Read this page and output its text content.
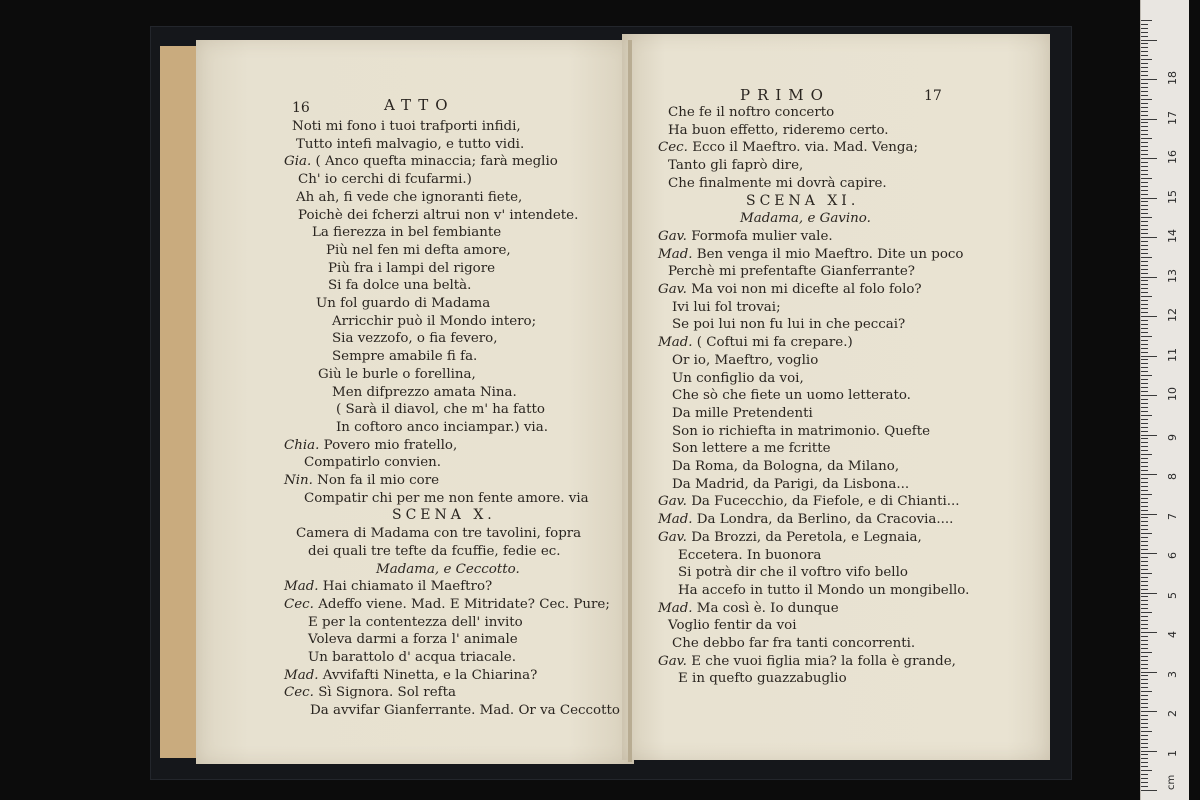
16	ATTO
Noti mi fono i tuoi trafporti infidi,
Tutto intefi malvagio, e tutto vidi.
Gia. ( Anco quefta minaccia; farà meglio
Ch' io cerchi di fcufarmi.)
Ah ah, fi vede che ignoranti fiete,
Poichè dei fcherzi altrui non v' intendete.
La fierezza in bel fembiante
Più nel fen mi defta amore,
Più fra i lampi del rigore
Si fa dolce una beltà.
Un fol guardo di Madama
Arricchir può il Mondo intero;
Sia vezzofo, o fia fevero,
Sempre amabile fi fa.
Giù le burle o forellina,
Men difprezzo amata Nina.
( Sarà il diavol, che m' ha fatto
In coftoro anco inciampar.) via.
Chia. Povero mio fratello,
Compatirlo convien.
Nin. Non fa il mio core
Compatir chi per me non fente amore. via
SCENA X.
Camera di Madama con tre tavolini, fopra
dei quali tre tefte da fcuffie, fedie ec.
Madama, e Ceccotto.
Mad. Hai chiamato il Maeftro?
Cec. Adeffo viene. Mad. E Mitridate? Cec. Pure;
E per la contentezza dell' invito
Voleva darmi a forza l' animale
Un barattolo d' acqua triacale.
Mad. Avvifafti Ninetta, e la Chiarina?
Cec. Sì Signora. Sol refta
Da avvifar Gianferrante. Mad. Or va Ceccotto
PRIMO	17
Che fe il noftro concerto
Ha buon effetto, rideremo certo.
Cec. Ecco il Maeftro. via. Mad. Venga;
Tanto gli faprò dire,
Che finalmente mi dovrà capire.
SCENA XI.
Madama, e Gavino.
Gav. Formofa mulier vale.
Mad. Ben venga il mio Maeftro. Dite un poco
Perchè mi prefentafte Gianferrante?
Gav. Ma voi non mi dicefte al folo folo?
Ivi lui fol trovai;
Se poi lui non fu lui in che peccai?
Mad. ( Coftui mi fa crepare.)
Or io, Maeftro, voglio
Un configlio da voi,
Che sò che fiete un uomo letterato.
Da mille Pretendenti
Son io richiefta in matrimonio. Quefte
Son lettere a me fcritte
Da Roma, da Bologna, da Milano,
Da Madrid, da Parigi, da Lisbona...
Gav. Da Fucecchio, da Fiefole, e di Chianti...
Mad. Da Londra, da Berlino, da Cracovia....
Gav. Da Brozzi, da Peretola, e Legnaia,
Eccetera. In buonora
Si potrà dir che il voftro vifo bello
Ha accefo in tutto il Mondo un mongibello.
Mad. Ma così è. Io dunque
Voglio fentir da voi
Che debbo far fra tanti concorrenti.
Gav. E che vuoi figlia mia? la folla è grande,
E in quefto guazzabuglio
cm
1
2
3
4
5
6
7
8
9
10
11
12
13
14
15
16
17
18
